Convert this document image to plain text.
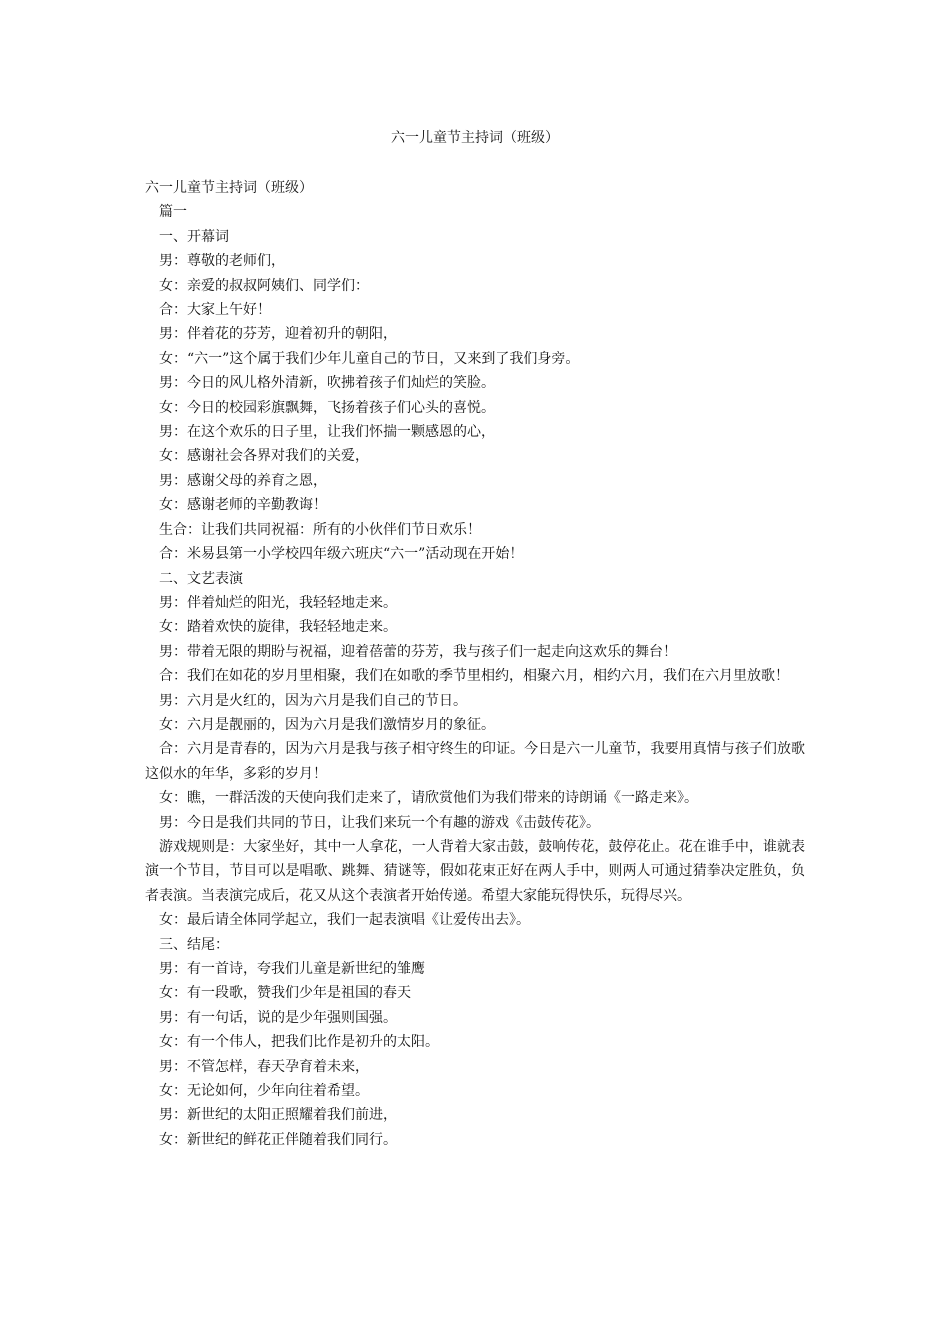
六一儿童节主持词（班级）

六一儿童节主持词（班级）

篇一

一、开幕词

男：尊敬的老师们，

女：亲爱的叔叔阿姨们、同学们：

合：大家上午好！

男：伴着花的芬芳，迎着初升的朝阳，

女：“六一”这个属于我们少年儿童自己的节日，又来到了我们身旁。

男：今日的风儿格外清新，吹拂着孩子们灿烂的笑脸。

女：今日的校园彩旗飘舞，飞扬着孩子们心头的喜悦。

男：在这个欢乐的日子里，让我们怀揣一颗感恩的心，

女：感谢社会各界对我们的关爱，

男：感谢父母的养育之恩，

女：感谢老师的辛勤教诲！

生合：让我们共同祝福：所有的小伙伴们节日欢乐！

合：米易县第一小学校四年级六班庆“六一”活动现在开始！

二、文艺表演

男：伴着灿烂的阳光，我轻轻地走来。

女：踏着欢快的旋律，我轻轻地走来。

男：带着无限的期盼与祝福，迎着蓓蕾的芬芳，我与孩子们一起走向这欢乐的舞台！

合：我们在如花的岁月里相聚，我们在如歌的季节里相约，相聚六月，相约六月，我们在六月里放歌！

男：六月是火红的，因为六月是我们自己的节日。

女：六月是靓丽的，因为六月是我们激情岁月的象征。

合：六月是青春的，因为六月是我与孩子相守终生的印证。今日是六一儿童节，我要用真情与孩子们放歌这似水的年华，多彩的岁月！

女：瞧，一群活泼的天使向我们走来了，请欣赏他们为我们带来的诗朗诵《一路走来》。

男：今日是我们共同的节日，让我们来玩一个有趣的游戏《击鼓传花》。

游戏规则是：大家坐好，其中一人拿花，一人背着大家击鼓，鼓响传花，鼓停花止。花在谁手中，谁就表演一个节目，节目可以是唱歌、跳舞、猜谜等，假如花束正好在两人手中，则两人可通过猜拳决定胜负，负者表演。当表演完成后，花又从这个表演者开始传递。希望大家能玩得快乐，玩得尽兴。

女：最后请全体同学起立，我们一起表演唱《让爱传出去》。

三、结尾：

男：有一首诗，夸我们儿童是新世纪的雏鹰

女：有一段歌，赞我们少年是祖国的春天

男：有一句话，说的是少年强则国强。

女：有一个伟人，把我们比作是初升的太阳。

男：不管怎样，春天孕育着未来，

女：无论如何，少年向往着希望。

男：新世纪的太阳正照耀着我们前进，

女：新世纪的鲜花正伴随着我们同行。
